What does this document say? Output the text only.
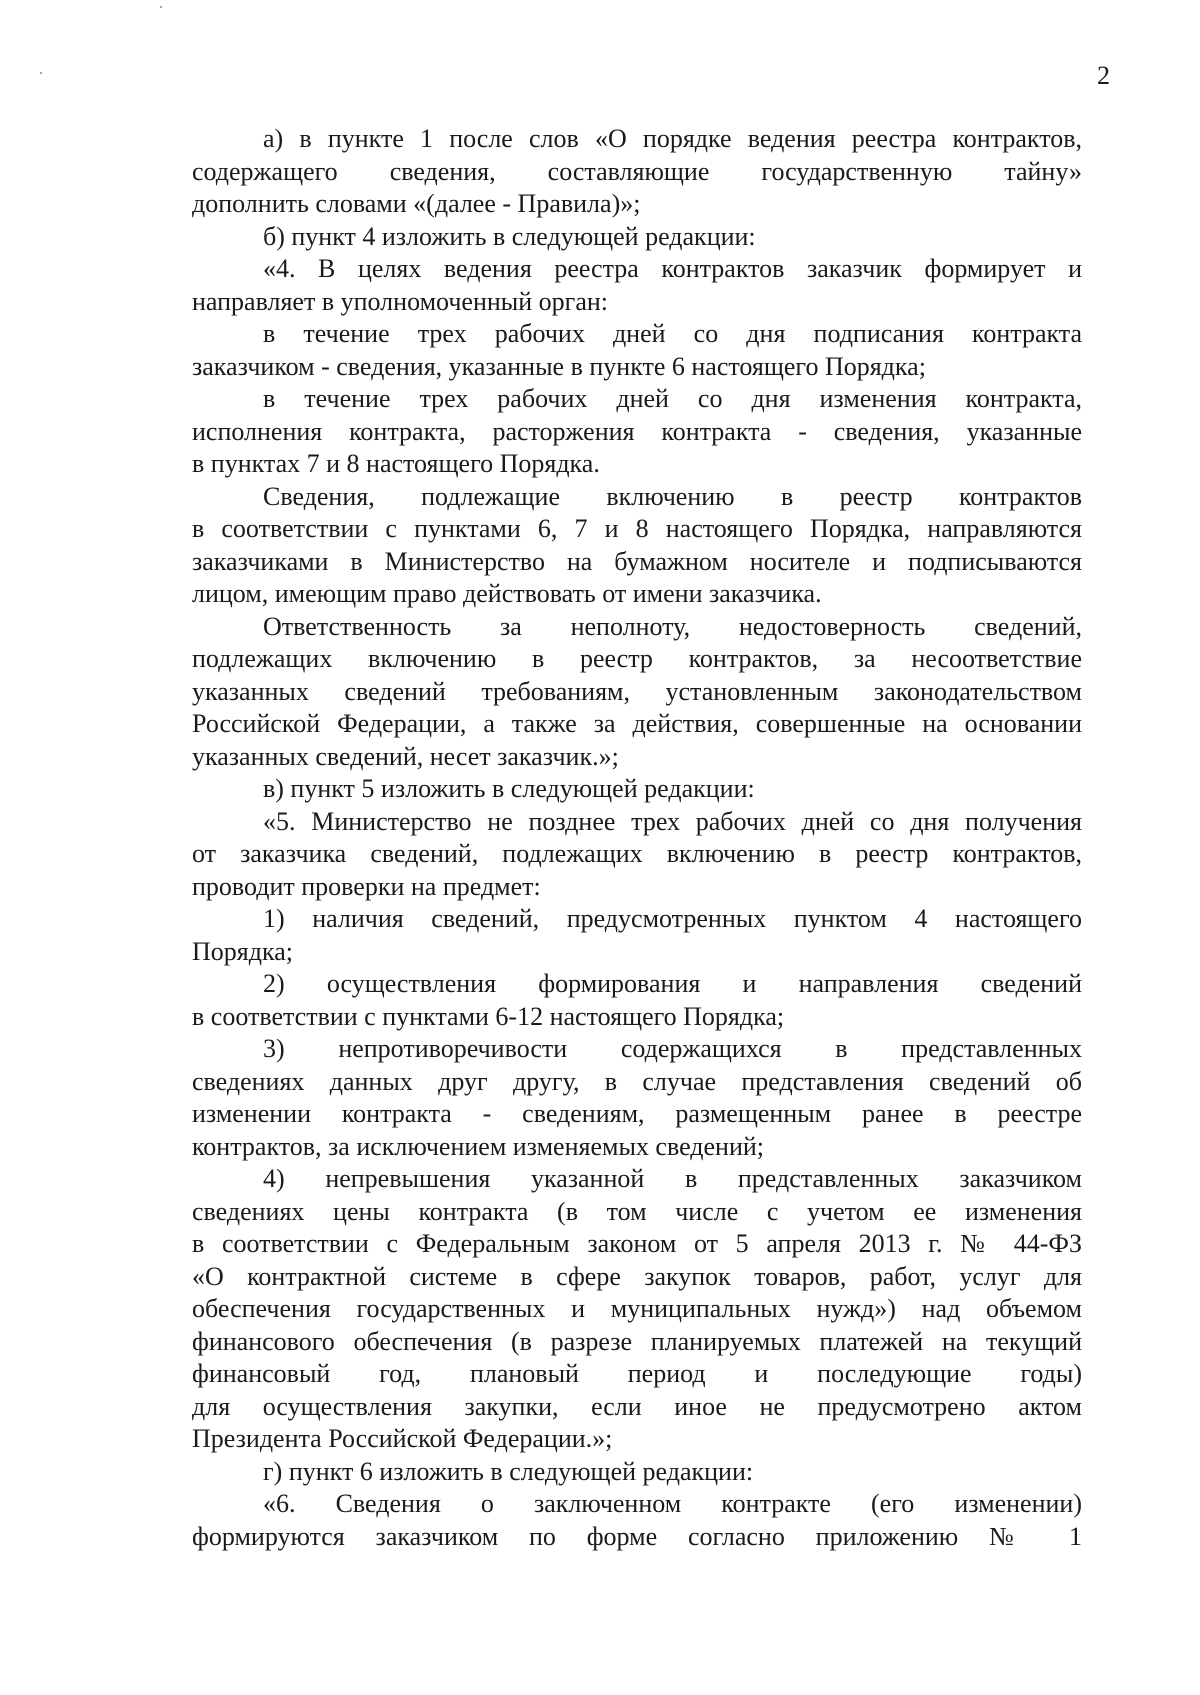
2
а) в пункте 1 после слов «О порядке ведения реестра контрактов,
содержащего сведения, составляющие государственную тайну»
дополнить словами «(далее - Правила)»;
б) пункт 4 изложить в следующей редакции:
«4. В целях ведения реестра контрактов заказчик формирует и
направляет в уполномоченный орган:
в течение трех рабочих дней со дня подписания контракта
заказчиком - сведения, указанные в пункте 6 настоящего Порядка;
в течение трех рабочих дней со дня изменения контракта,
исполнения контракта, расторжения контракта - сведения, указанные
в пунктах 7 и 8 настоящего Порядка.
Сведения, подлежащие включению в реестр контрактов
в соответствии с пунктами 6, 7 и 8 настоящего Порядка, направляются
заказчиками в Министерство на бумажном носителе и подписываются
лицом, имеющим право действовать от имени заказчика.
Ответственность за неполноту, недостоверность сведений,
подлежащих включению в реестр контрактов, за несоответствие
указанных сведений требованиям, установленным законодательством
Российской Федерации, а также за действия, совершенные на основании
указанных сведений, несет заказчик.»;
в) пункт 5 изложить в следующей редакции:
«5. Министерство не позднее трех рабочих дней со дня получения
от заказчика сведений, подлежащих включению в реестр контрактов,
проводит проверки на предмет:
1) наличия сведений, предусмотренных пунктом 4 настоящего
Порядка;
2) осуществления формирования и направления сведений
в соответствии с пунктами 6-12 настоящего Порядка;
3) непротиворечивости содержащихся в представленных
сведениях данных друг другу, в случае представления сведений об
изменении контракта - сведениям, размещенным ранее в реестре
контрактов, за исключением изменяемых сведений;
4) непревышения указанной в представленных заказчиком
сведениях цены контракта (в том числе с учетом ее изменения
в соответствии с Федеральным законом от 5 апреля 2013 г. № 44-ФЗ
«О контрактной системе в сфере закупок товаров, работ, услуг для
обеспечения государственных и муниципальных нужд») над объемом
финансового обеспечения (в разрезе планируемых платежей на текущий
финансовый год, плановый период и последующие годы)
для осуществления закупки, если иное не предусмотрено актом
Президента Российской Федерации.»;
г) пункт 6 изложить в следующей редакции:
«6. Сведения о заключенном контракте (его изменении)
формируются заказчиком по форме согласно приложению № 1
